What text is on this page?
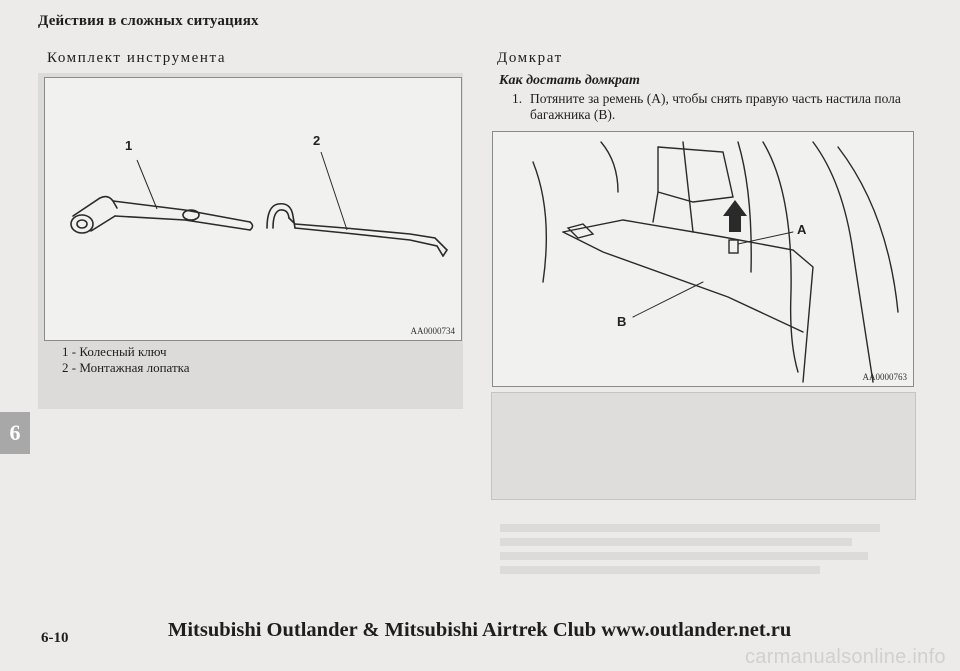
Действия в сложных ситуациях
Комплект инструмента
1	2
AA0000734
1 - Колесный ключ
2 - Монтажная лопатка
Домкрат
Как достать домкрат
1. Потяните за ремень (A), чтобы снять правую часть настила пола багажника (B).
A
B
AA0000763
6
6-10	Mitsubishi Outlander & Mitsubishi Airtrek Club www.outlander.net.ru
carmanualsonline.info
